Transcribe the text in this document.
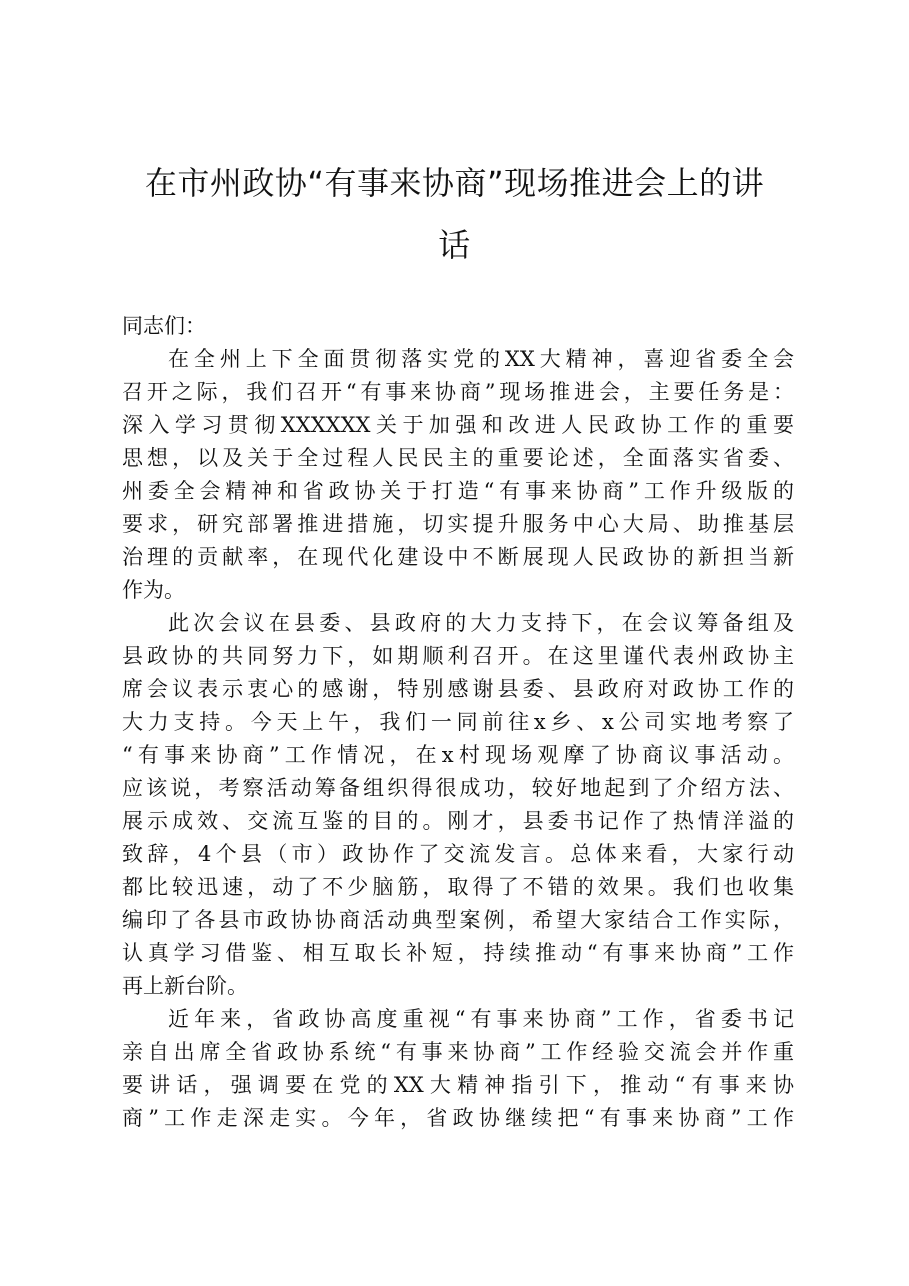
在市州政协“有事来协商”现场推进会上的讲
话
同志们：
在全州上下全面贯彻落实党的XX大精神，喜迎省委全会
召开之际，我们召开“有事来协商”现场推进会，主要任务是：
深入学习贯彻XXXXXX关于加强和改进人民政协工作的重要
思想，以及关于全过程人民民主的重要论述，全面落实省委、
州委全会精神和省政协关于打造“有事来协商”工作升级版的
要求，研究部署推进措施，切实提升服务中心大局、助推基层
治理的贡献率，在现代化建设中不断展现人民政协的新担当新
作为。
此次会议在县委、县政府的大力支持下，在会议筹备组及
县政协的共同努力下，如期顺利召开。在这里谨代表州政协主
席会议表示衷心的感谢，特别感谢县委、县政府对政协工作的
大力支持。今天上午，我们一同前往x乡、x公司实地考察了
“有事来协商”工作情况，在x村现场观摩了协商议事活动。
应该说，考察活动筹备组织得很成功，较好地起到了介绍方法、
展示成效、交流互鉴的目的。刚才，县委书记作了热情洋溢的
致辞，4个县（市）政协作了交流发言。总体来看，大家行动
都比较迅速，动了不少脑筋，取得了不错的效果。我们也收集
编印了各县市政协协商活动典型案例，希望大家结合工作实际，
认真学习借鉴、相互取长补短，持续推动“有事来协商”工作
再上新台阶。
近年来，省政协高度重视“有事来协商”工作，省委书记
亲自出席全省政协系统“有事来协商”工作经验交流会并作重
要讲话，强调要在党的XX大精神指引下，推动“有事来协
商”工作走深走实。今年，省政协继续把“有事来协商”工作
